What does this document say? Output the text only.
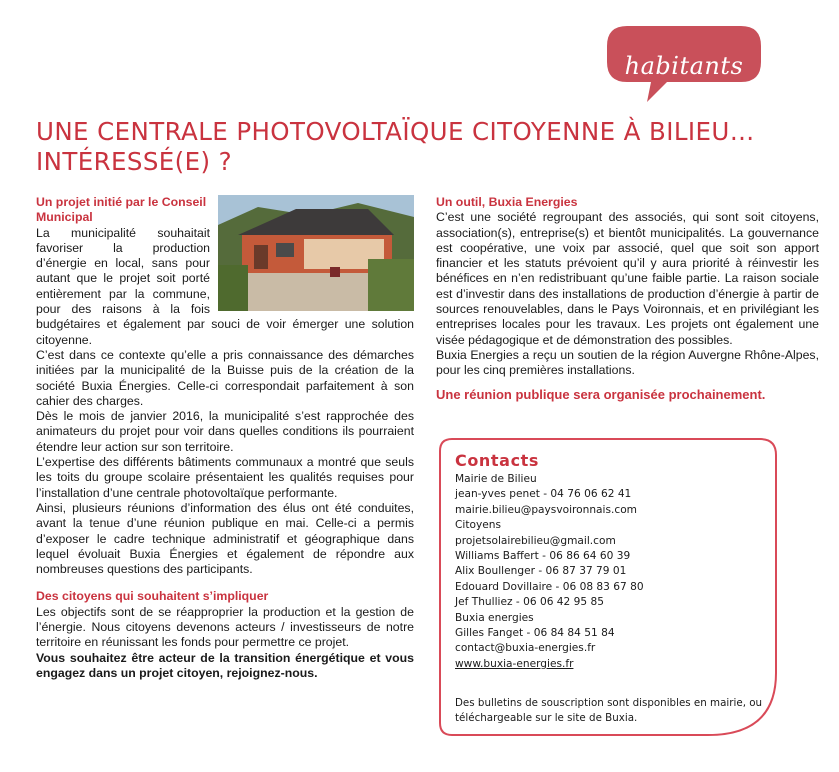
habitants
UNE CENTRALE PHOTOVOLTAÏQUE CITOYENNE À BILIEU…
INTÉRESSÉ(E) ?

Un projet initié par le Conseil Municipal

La municipalité souhaitait favoriser la production d’énergie en local, sans pour autant que le projet soit porté entièrement par la commune, pour des raisons à la fois budgétaires et également par souci de voir émerger une solution citoyenne.

C’est dans ce contexte qu’elle a pris connaissance des démarches initiées par la municipalité de la Buisse puis de la création de la société Buxia Énergies. Celle-ci correspondait parfaitement à son cahier des charges.

Dès le mois de janvier 2016, la municipalité s’est rapprochée des animateurs du projet pour voir dans quelles conditions ils pourraient étendre leur action sur son territoire.

L’expertise des différents bâtiments communaux a montré que seuls les toits du groupe scolaire présentaient les qualités requises pour l’installation d’une centrale photovoltaïque performante.

Ainsi, plusieurs réunions d’information des élus ont été conduites, avant la tenue d’une réunion publique en mai. Celle-ci a permis d’exposer le cadre technique administratif et géographique dans lequel évoluait Buxia Énergies et également de répondre aux nombreuses questions des participants.

Des citoyens qui souhaitent s’impliquer

Les objectifs sont de se réapproprier la production et la gestion de l’énergie. Nous citoyens devenons acteurs / investisseurs de notre territoire en réunissant les fonds pour permettre ce projet.

Vous souhaitez être acteur de la transition énergétique et vous engagez dans un projet citoyen, rejoignez-nous.

Un outil, Buxia Energies

C’est une société regroupant des associés, qui sont soit citoyens, association(s), entreprise(s) et bientôt municipalités. La gouvernance est coopérative, une voix par associé, quel que soit son apport financier et les statuts prévoient qu’il y aura priorité à réinvestir les bénéfices en n’en redistribuant qu’une faible partie. La raison sociale est d’investir dans des installations de production d’énergie à partir de sources renouvelables, dans le Pays Voironnais, et en privilégiant les entreprises locales pour les travaux. Les projets ont également une visée pédagogique et de démonstration des possibles.

Buxia Energies a reçu un soutien de la région Auvergne Rhône-Alpes, pour les cinq premières installations.

Une réunion publique sera organisée prochainement.

Contacts
Mairie de Bilieu
jean-yves penet - 04 76 06 62 41
mairie.bilieu@paysvoironnais.com
Citoyens
projetsolairebilieu@gmail.com
Williams Baffert - 06 86 64 60 39
Alix Boullenger - 06 87 37 79 01
Edouard Dovillaire - 06 08 83 67 80
Jef Thulliez - 06 06 42 95 85
Buxia energies
Gilles Fanget - 06 84 84 51 84
contact@buxia-energies.fr
www.buxia-energies.fr
Des bulletins de souscription sont disponibles en mairie, ou téléchargeable sur le site de Buxia.
